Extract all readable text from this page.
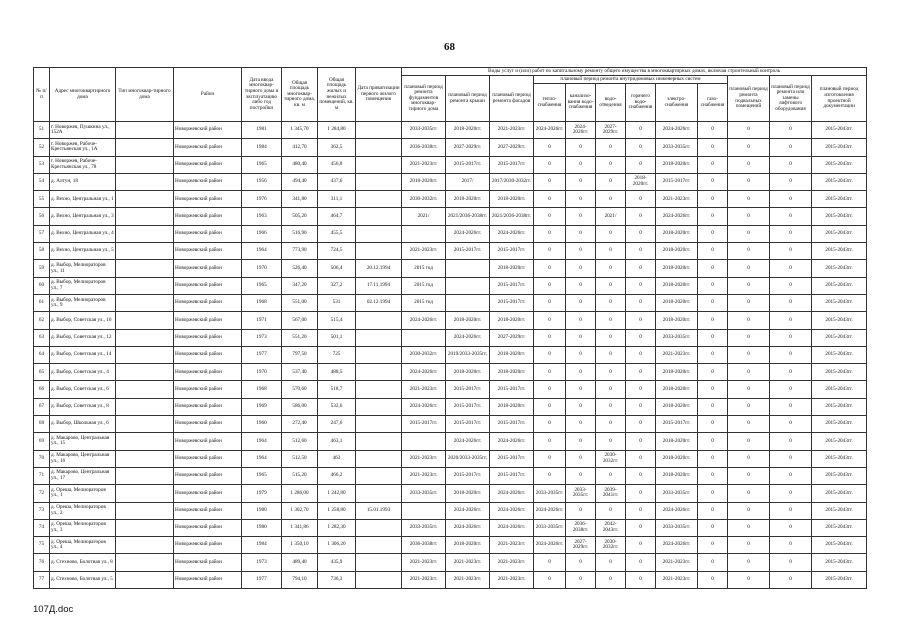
68
№ п/п	Адрес многоквартирного дома	Тип многоквар-тирного дома	Район	Дата ввода многоквар-тирного дома в эксплуатацию либо год постройки	Общая площадь многоквар-тирного дома, кв. м	Общая площадь жилых и нежилых помещений, кв. м	Дата приватизации первого жилого помещения	Виды услуг и (или) работ по капитальному ремонту общего имущества в многоквартирных домах, включая строительный контроль											
								плановый период ремонта фундаментов многоквар-тирного дома	плановый период ремонта крыши	плановый период ремонта фасадов	плановый период ремонта внутридомовых инженерных систем						плановый период ремонта подвальных помещений	плановый период ремонта или замены лифтового оборудования	плановый период изготовления проектной документации
											тепло-снабжения	канализо-вания водо-снабжения	водо-отведения	горячего водо-снабжения	электро-снабжения	газо-снабжения			
51	г. Новоржев, Пушкина ул., 152А		Новоржевский район	1981	1 345,70	1 284,80		2033-2035гг.	2018-2020гг.	2021-2023гг.	2024-2026гг.	2024-2026гг.	2027-2029гг.	0	2024-2026гг.	0	0	0	2015-2043гг.
52	г. Новоржев, Рабоче-Крестьянская ул., 1А		Новоржевский район	1984	412,70	362,5		2036-2038гг.	2027-2029гг.	2027-2029гг.	0	0	0	0	2033-2035гг.	0	0	0	2015-2043гг.
53	г. Новоржев, Рабоче-Крестьянская ул., 78		Новоржевский район	1965	480,40	456,8		2021-2023гг.	2015-2017гг.	2015-2017гг.	0	0	0	0	2018-2020гг.	0	0	0	2015-2043гг.
54	д. Алтун, 18		Новоржевский район	1956	494,40	437,6		2018-2020гг.	2017/	2017/2030-2032гг.	0	0	0	2018-2020гг.	2015-2017гг.	0	0	0	2015-2043гг.
55	д. Вехно, Центральная ул., 1		Новоржевский район	1976	341,80	311,1		2030-2032гг.	2018-2020гг.	2018-2020гг.	0	0	0	0	2021-2023гг.	0	0	0	2015-2043гг.
56	д. Вехно, Центральная ул., 3		Новоржевский район	1963	505,20	464,7		2021/	2021/2036-2038гг.	2021/2036-2038гг.	0	0	2021/	0	2024-2026гг.	0	0	0	2015-2043гг.
57	д. Вехно, Центральная ул., 4		Новоржевский район	1966	516,90	455,5			2024-2026гг.	2024-2026гг.	0	0	0	0	2018-2020гг.	0	0	0	2015-2043гг.
58	д. Вехно, Центральная ул., 5		Новоржевский район	1964	773,90	724,5		2021-2023гг.	2015-2017гг.	2015-2017гг.	0	0	0	0	2018-2020гг.	0	0	0	2015-2043гг.
59	д. Выбор, Мелиораторов ул., 11		Новоржевский район	1970	526,40	506,4	20.12.1994	2015 год		2018-2020гг.	0	0	0	0	2018-2020гг.	0	0	0	2015-2043гг.
60	д. Выбор, Мелиораторов ул., 7		Новоржевский район	1965	347,20	327,2	17.11.1994	2015 год		2015-2017гг.	0	0	0	0	2018-2020гг.	0	0	0	2015-2043гг.
61	д. Выбор, Мелиораторов ул., 9		Новоржевский район	1968	551,00	531	02.12.1994	2015 год		2015-2017гг.	0	0	0	0	2018-2020гг.	0	0	0	2015-2043гг.
62	д. Выбор, Советская ул., 10		Новоржевский район	1971	567,00	515,4		2024-2026гг.	2018-2020гг.	2018-2020гг.	0	0	0	0	2018-2020гг.	0	0	0	2015-2043гг.
63	д. Выбор, Советская ул., 12		Новоржевский район	1973	551,20	501,1			2024-2026гг.	2027-2029гг.	0	0	0	0	2033-2035гг.	0	0	0	2015-2043гг.
64	д. Выбор, Советская ул., 14		Новоржевский район	1977	797,50	725		2030-2032гг.	2019/2033-2035гг.	2018-2020гг.	0	0	0	0	2021-2023гг.	0	0	0	2015-2043гг.
65	д. Выбор, Советская ул., 4		Новоржевский район	1970	537,40	488,5		2024-2026гг.	2018-2020гг.	2018-2020гг.	0	0	0	0	2018-2020гг.	0	0	0	2015-2043гг.
66	д. Выбор, Советская ул., 6		Новоржевский район	1968	570,60	518,7		2021-2023гг.	2015-2017гг.	2015-2017гг.	0	0	0	0	2018-2020гг.	0	0	0	2015-2043гг.
67	д. Выбор, Советская ул., 8		Новоржевский район	1969	586,00	532,6		2024-2026гг.	2015-2017гг.	2018-2020гг.	0	0	0	0	2018-2020гг.	0	0	0	2015-2043гг.
68	д. Выбор, Школьная ул., 6		Новоржевский район	1960	272,40	247,6		2015-2017гг.	2015-2017гг.	2015-2017гг.	0	0	0	0	2015-2017гг.	0	0	0	2015-2043гг.
69	д. Макарово, Центральная ул., 15		Новоржевский район	1964	512,60	463,1			2024-2026гг.	2024-2026гг.	0	0	0	0	2018-2020гг.	0	0	0	2015-2043гг.
70	д. Макарово, Центральная ул., 16		Новоржевский район	1964	512,50	463		2021-2023гг.	2020/2033-2035гг.	2015-2017гг.	0	0	2030-2032гг.	0	2018-2020гг.	0	0	0	2015-2043гг.
71	д. Макарово, Центральная ул., 17		Новоржевский район	1965	515,20	466,2		2021-2023гг.	2015-2017гг.	2015-2017гг.	0	0	0	0	2018-2020гг.	0	0	0	2015-2043гг.
72	д. Ореша, Мелиораторов ул., 1		Новоржевский район	1979	1 286,00	1 242,80		2033-2035гг.	2018-2020гг.	2024-2026гг.	2033-2035гг.	2033-2035гг.	2039-2041гг.	0	2033-2035гг.	0	0	0	2015-2043гг.
73	д. Ореша, Мелиораторов ул., 2		Новоржевский район	1980	1 302,70	1 258,80	15.01.1993		2024-2026гг.	2024-2026гг.	2024-2026гг.	0	0	0	2024-2026гг.	0	0	0	2015-2043гг.
74	д. Ореша, Мелиораторов ул., 3		Новоржевский район	1980	1 341,86	1 282,30		2033-2035гг.	2024-2026гг.	2024-2026гг.	2033-2035гг.	2036-2038гг.	2042-2043гг.	0	2033-2035гг.	0	0	0	2015-2043гг.
75	д. Ореша, Мелиораторов ул., 4		Новоржевский район	1984	1 350,10	1 306,20		2036-2038гг.	2018-2020гг.	2021-2023гг.	2024-2026гг.	2027-2029гг.	2030-2032гг.	0	2024-2026гг.	0	0	0	2015-2043гг.
76	д. Стехново, Болотная ул., 8		Новоржевский район	1973	489,40	435,9		2021-2023гг.	2021-2023гг.	2021-2023гг.	0	0	0	0	2021-2023гг.	0	0	0	2015-2043гг.
77	д. Стехново, Болотная ул., 5		Новоржевский район	1977	794,10	736,3		2021-2023гг.	2021-2023гг.	2021-2023гг.	0	0	0	0	2021-2023гг.	0	0	0	2015-2043гг.
107Д.doc
